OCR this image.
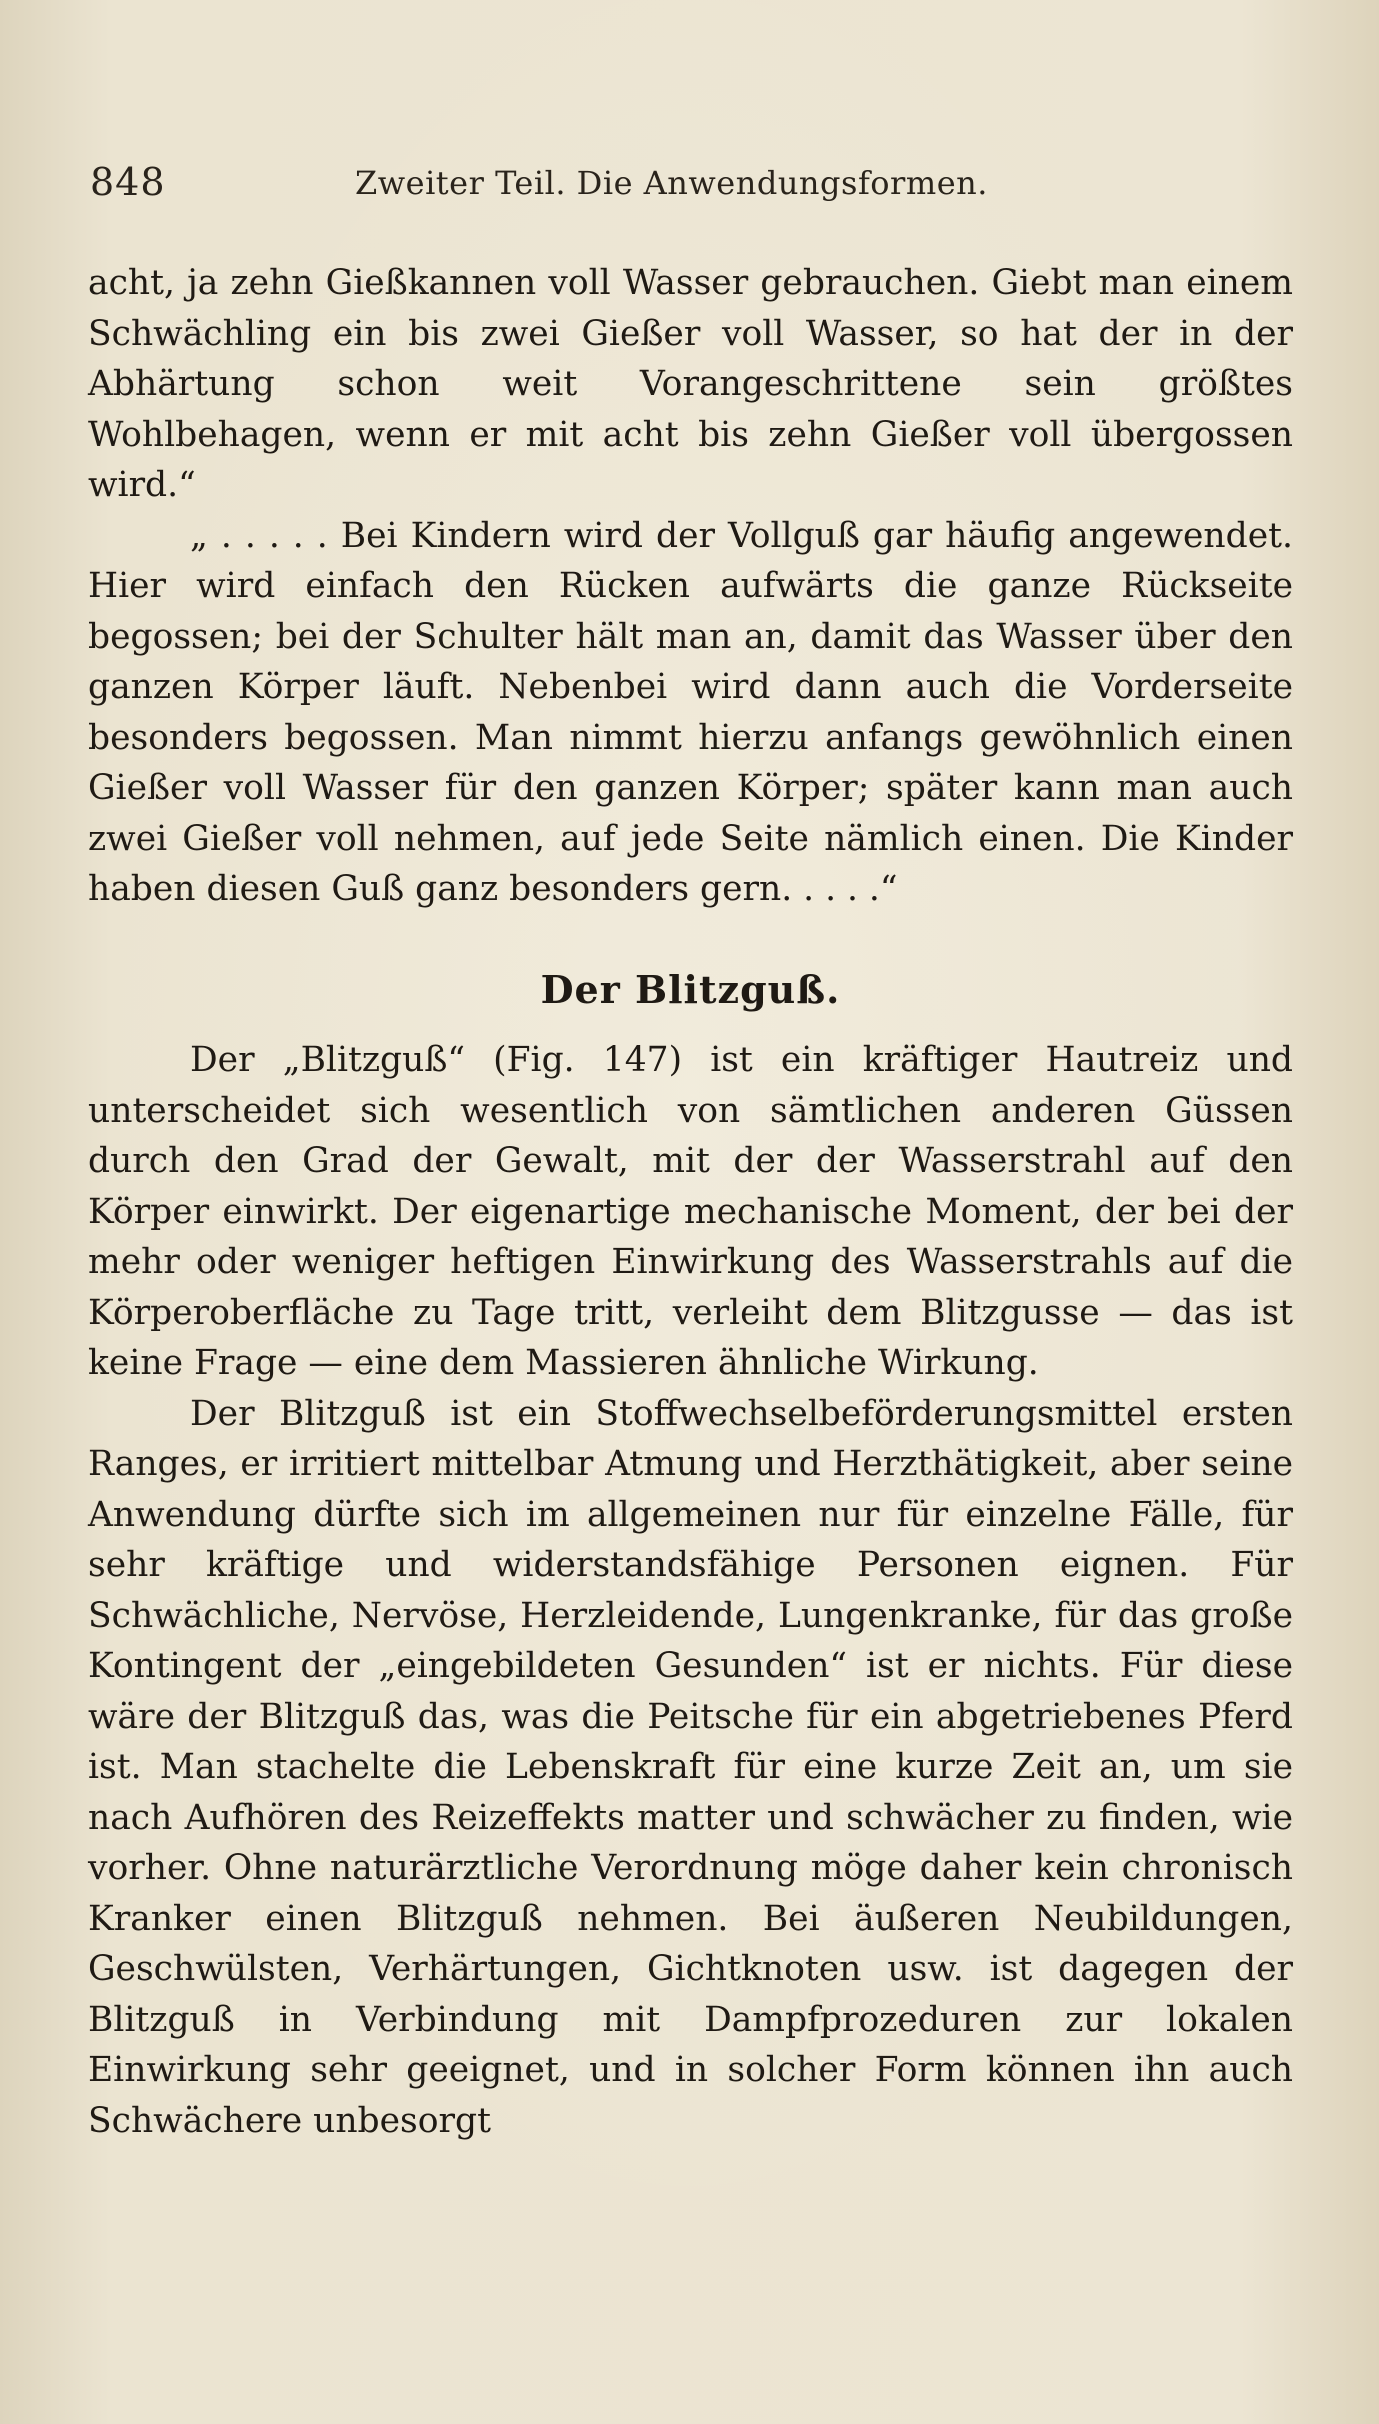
848	Zweiter Teil. Die Anwendungsformen.

acht, ja zehn Gießkannen voll Wasser gebrauchen. Giebt man einem Schwächling ein bis zwei Gießer voll Wasser, so hat der in der Abhärtung schon weit Vorangeschrittene sein größtes Wohlbehagen, wenn er mit acht bis zehn Gießer voll übergossen wird.“

„ . . . . . Bei Kindern wird der Vollguß gar häufig angewendet. Hier wird einfach den Rücken aufwärts die ganze Rückseite begossen; bei der Schulter hält man an, damit das Wasser über den ganzen Körper läuft. Nebenbei wird dann auch die Vorderseite besonders begossen. Man nimmt hierzu anfangs gewöhnlich einen Gießer voll Wasser für den ganzen Körper; später kann man auch zwei Gießer voll nehmen, auf jede Seite nämlich einen. Die Kinder haben diesen Guß ganz besonders gern. . . . .“

Der Blitzguß.

Der „Blitzguß“ (Fig. 147) ist ein kräftiger Hautreiz und unterscheidet sich wesentlich von sämtlichen anderen Güssen durch den Grad der Gewalt, mit der der Wasserstrahl auf den Körper einwirkt. Der eigenartige mechanische Moment, der bei der mehr oder weniger heftigen Einwirkung des Wasserstrahls auf die Körperoberfläche zu Tage tritt, verleiht dem Blitzgusse — das ist keine Frage — eine dem Massieren ähnliche Wirkung.

Der Blitzguß ist ein Stoffwechselbeförderungsmittel ersten Ranges, er irritiert mittelbar Atmung und Herzthätigkeit, aber seine Anwendung dürfte sich im allgemeinen nur für einzelne Fälle, für sehr kräftige und widerstandsfähige Personen eignen. Für Schwächliche, Nervöse, Herzleidende, Lungenkranke, für das große Kontingent der „eingebildeten Gesunden“ ist er nichts. Für diese wäre der Blitzguß das, was die Peitsche für ein abgetriebenes Pferd ist. Man stachelte die Lebenskraft für eine kurze Zeit an, um sie nach Aufhören des Reizeffekts matter und schwächer zu finden, wie vorher. Ohne naturärztliche Verordnung möge daher kein chronisch Kranker einen Blitzguß nehmen. Bei äußeren Neubildungen, Geschwülsten, Verhärtungen, Gichtknoten usw. ist dagegen der Blitzguß in Verbindung mit Dampfprozeduren zur lokalen Einwirkung sehr geeignet, und in solcher Form können ihn auch Schwächere unbesorgt
